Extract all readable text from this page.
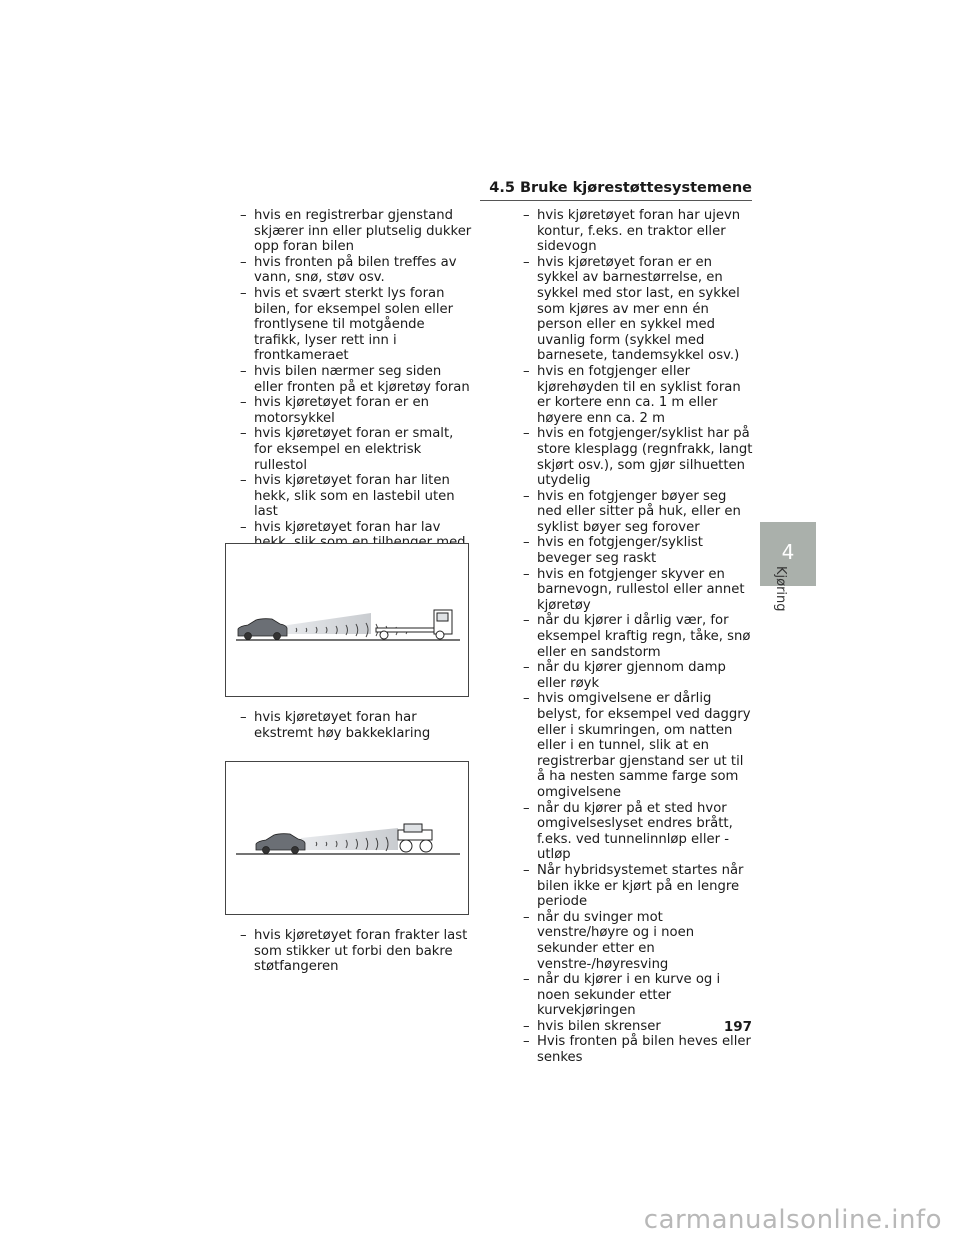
4.5 Bruke kjørestøttesystemene
– hvis en registrerbar gjenstand skjærer inn eller plutselig dukker opp foran bilen
– hvis fronten på bilen treffes av vann, snø, støv osv.
– hvis et svært sterkt lys foran bilen, for eksempel solen eller frontlysene til motgående trafikk, lyser rett inn i frontkameraet
– hvis bilen nærmer seg siden eller fronten på et kjøretøy foran
– hvis kjøretøyet foran er en motorsykkel
– hvis kjøretøyet foran er smalt, for eksempel en elektrisk rullestol
– hvis kjøretøyet foran har liten hekk, slik som en lastebil uten last
– hvis kjøretøyet foran har lav
– hvis kjøretøyet foran har ekstremt høy bakkeklaring
– hvis kjøretøyet foran frakter last som stikker ut forbi den bakre støtfangeren
– hvis kjøretøyet foran har ujevn kontur, f.eks. en traktor eller sidevogn
– hvis kjøretøyet foran er en sykkel av barnestørrelse, en sykkel med stor last, en sykkel som kjøres av mer enn én person eller en sykkel med uvanlig form (sykkel med barnesete, tandemsykkel osv.)
– hvis en fotgjenger eller kjørehøyden til en syklist foran er kortere enn ca. 1 m eller høyere enn ca. 2 m
– hvis en fotgjenger/syklist har på store klesplagg (regnfrakk, langt skjørt osv.), som gjør silhuetten utydelig
– hvis en fotgjenger bøyer seg ned eller sitter på huk, eller en syklist bøyer seg forover
– hvis en fotgjenger/syklist beveger seg raskt
– hvis en fotgjenger skyver en barnevogn, rullestol eller annet kjøretøy
– når du kjører i dårlig vær, for eksempel kraftig regn, tåke, snø eller en sandstorm
– når du kjører gjennom damp eller røyk
– hvis omgivelsene er dårlig belyst, for eksempel ved daggry eller i skumringen, om natten eller i en tunnel, slik at en registrerbar gjenstand ser ut til å ha nesten samme farge som omgivelsene
– når du kjører på et sted hvor omgivelseslyset endres brått, f.eks. ved tunnelinnløp eller -utløp
– Når hybridsystemet startes når bilen ikke er kjørt på en lengre periode
– når du svinger mot venstre/høyre og i noen sekunder etter en venstre-/høyresving
– når du kjører i en kurve og i noen sekunder etter kurvekjøringen
– hvis bilen skrenser
– Hvis fronten på bilen heves eller senkes
4
Kjøring
197
carmanualsonline.info
